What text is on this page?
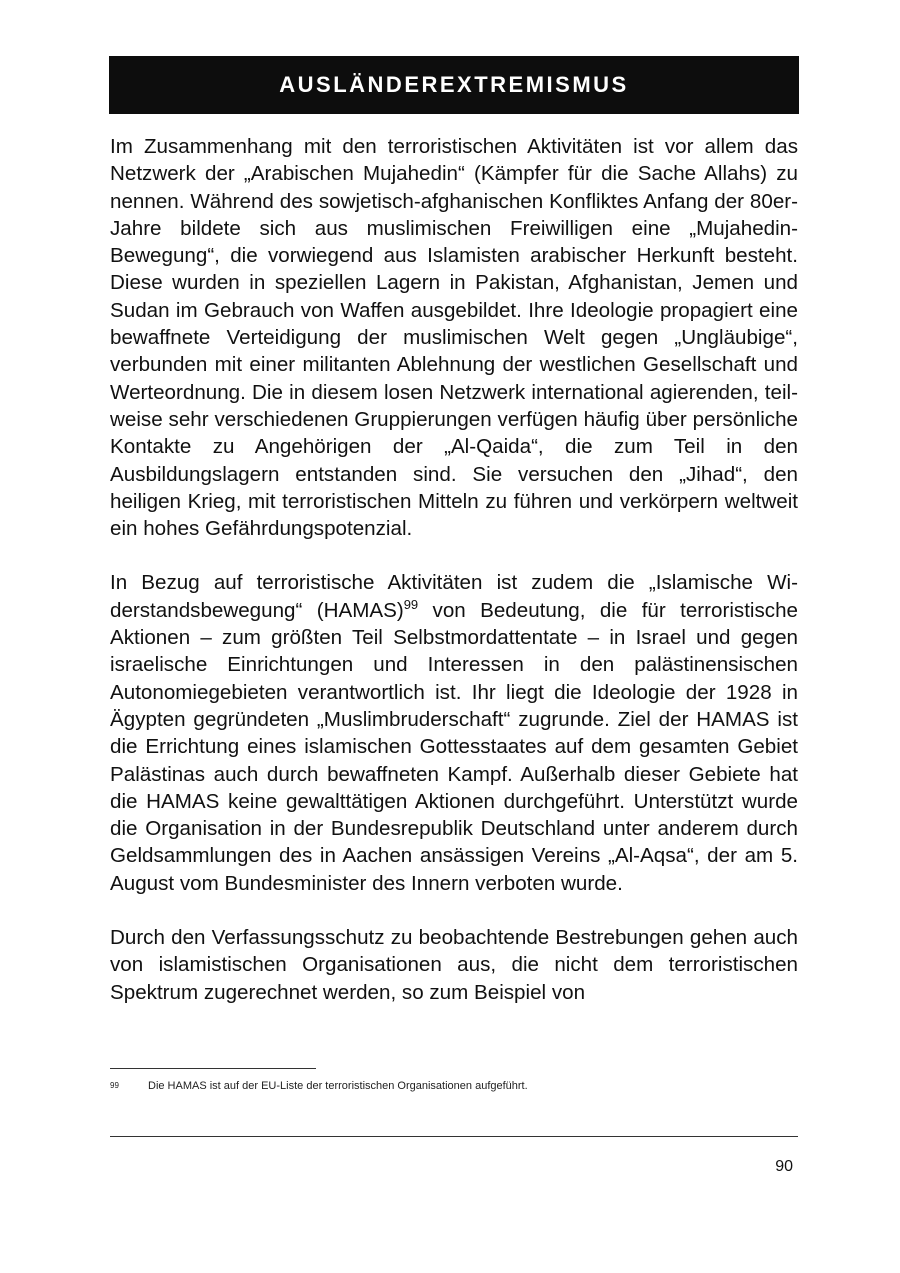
AUSLÄNDEREXTREMISMUS

Im Zusammenhang mit den terroristischen Aktivitäten ist vor allem das Netzwerk der „Arabischen Mujahedin“ (Kämpfer für die Sache Allahs) zu nennen. Während des sowjetisch-afghanischen Konfliktes Anfang der 80er-Jahre bildete sich aus muslimischen Freiwilligen eine „Mujahedin-Bewegung“, die vorwiegend aus Islamisten arabischer Herkunft besteht. Diese wurden in speziellen Lagern in Pakistan, Afghanistan, Jemen und Sudan im Gebrauch von Waffen ausgebildet. Ihre Ideologie propagiert eine bewaffnete Verteidigung der muslimischen Welt gegen „Ungläubige“, verbunden mit einer militanten Ablehnung der westlichen Gesellschaft und Werteordnung. Die in diesem losen Netzwerk international agierenden, teilweise sehr verschiedenen Gruppierungen verfügen häufig über persönliche Kontakte zu Angehörigen der „Al-Qaida“, die zum Teil in den Ausbildungslagern entstanden sind. Sie versuchen den „Jihad“, den heiligen Krieg, mit terroristischen Mitteln zu führen und verkörpern weltweit ein hohes Gefährdungspotenzial.

In Bezug auf terroristische Aktivitäten ist zudem die „Islamische Widerstandsbewegung“ (HAMAS)$^{99}$ von Bedeutung, die für terroristische Aktionen – zum größten Teil Selbstmordattentate – in Israel und gegen israelische Einrichtungen und Interessen in den palästinensischen Autonomiegebieten verantwortlich ist. Ihr liegt die Ideologie der 1928 in Ägypten gegründeten „Muslimbruderschaft“ zugrunde. Ziel der HAMAS ist die Errichtung eines islamischen Gottesstaates auf dem gesamten Gebiet Palästinas auch durch bewaffneten Kampf. Außerhalb dieser Gebiete hat die HAMAS keine gewalttätigen Aktionen durchgeführt. Unterstützt wurde die Organisation in der Bundesrepublik Deutschland unter anderem durch Geldsammlungen des in Aachen ansässigen Vereins „Al-Aqsa“, der am 5. August vom Bundesminister des Innern verboten wurde.

Durch den Verfassungsschutz zu beobachtende Bestrebungen gehen auch von islamistischen Organisationen aus, die nicht dem terroristischen Spektrum zugerechnet werden, so zum Beispiel von

99	Die HAMAS ist auf der EU-Liste der terroristischen Organisationen aufgeführt.
90
